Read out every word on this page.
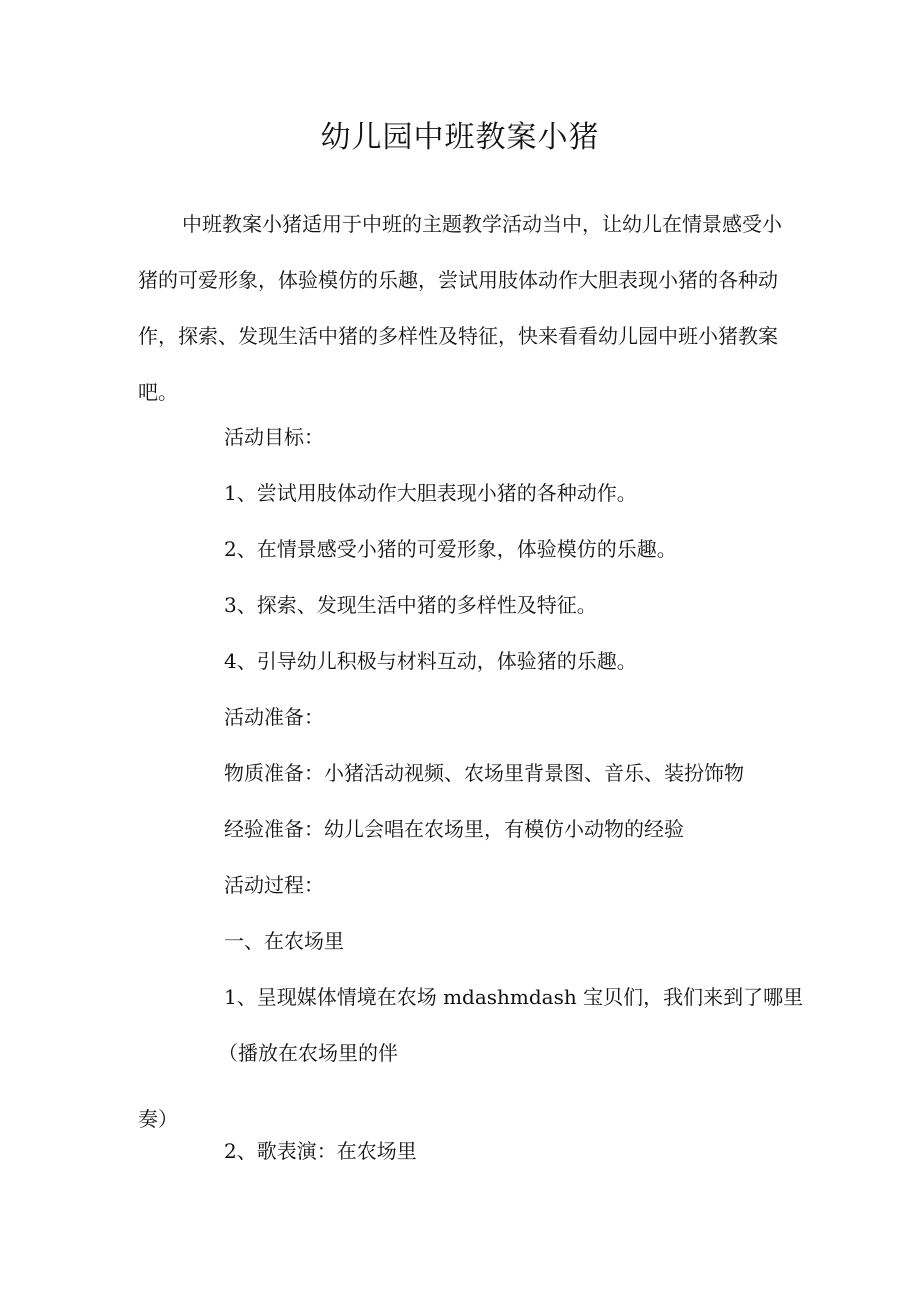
幼儿园中班教案小猪

中班教案小猪适用于中班的主题教学活动当中，让幼儿在情景感受小猪的可爱形象，体验模仿的乐趣，尝试用肢体动作大胆表现小猪的各种动作，探索、发现生活中猪的多样性及特征，快来看看幼儿园中班小猪教案吧。

活动目标：

1、尝试用肢体动作大胆表现小猪的各种动作。

2、在情景感受小猪的可爱形象，体验模仿的乐趣。

3、探索、发现生活中猪的多样性及特征。

4、引导幼儿积极与材料互动，体验猪的乐趣。

活动准备：

物质准备：小猪活动视频、农场里背景图、音乐、装扮饰物

经验准备：幼儿会唱在农场里，有模仿小动物的经验

活动过程：

一、在农场里

1、呈现媒体情境在农场 mdashmdash 宝贝们，我们来到了哪里

（播放在农场里的伴

奏）

2、歌表演：在农场里
